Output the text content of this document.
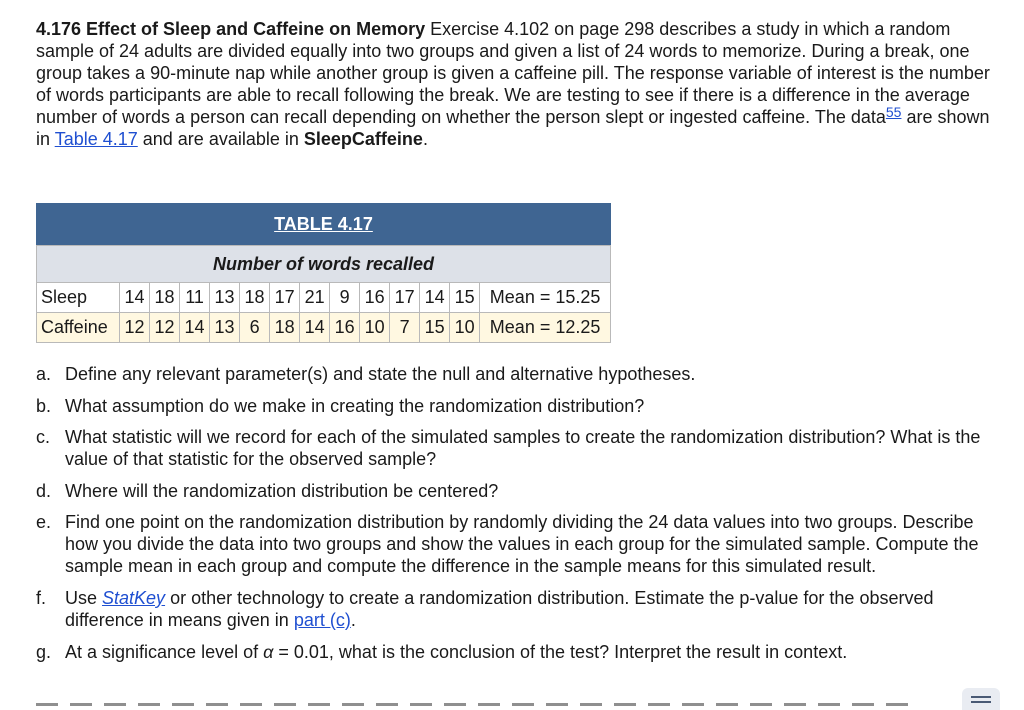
4.176 Effect of Sleep and Caffeine on Memory Exercise 4.102 on page 298 describes a study in which a random sample of 24 adults are divided equally into two groups and given a list of 24 words to memorize. During a break, one group takes a 90-minute nap while another group is given a caffeine pill. The response variable of interest is the number of words participants are able to recall following the break. We are testing to see if there is a difference in the average number of words a person can recall depending on whether the person slept or ingested caffeine. The data$^{55}$ are shown in Table 4.17 and are available in SleepCaffeine.
TABLE 4.17
Number of words recalled													
Sleep	14	18	11	13	18	17	21	9	16	17	14	15	Mean = 15.25
Caffeine	12	12	14	13	6	18	14	16	10	7	15	10	Mean = 12.25
a. Define any relevant parameter(s) and state the null and alternative hypotheses.
b. What assumption do we make in creating the randomization distribution?
c. What statistic will we record for each of the simulated samples to create the randomization distribution? What is the value of that statistic for the observed sample?
d. Where will the randomization distribution be centered?
e. Find one point on the randomization distribution by randomly dividing the 24 data values into two groups. Describe how you divide the data into two groups and show the values in each group for the simulated sample. Compute the sample mean in each group and compute the difference in the sample means for this simulated result.
f.	Use StatKey or other technology to create a randomization distribution. Estimate the p-value for the observed difference in means given in part (c).
g. At a significance level of α = 0.01, what is the conclusion of the test? Interpret the result in context.
